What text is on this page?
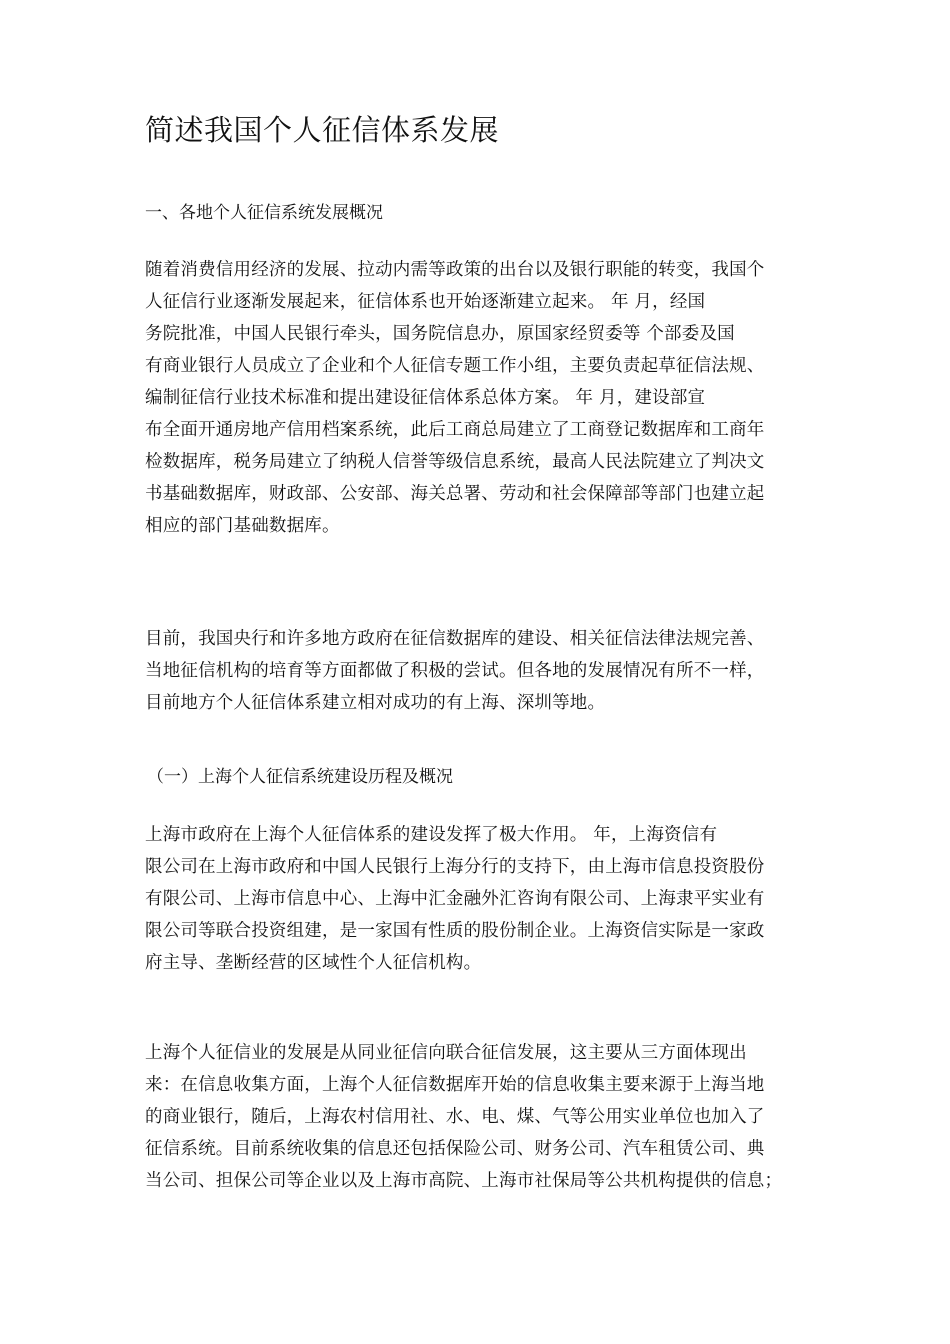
简述我国个人征信体系发展
一、各地个人征信系统发展概况
随着消费信用经济的发展、拉动内需等政策的出台以及银行职能的转变，我国个
人征信行业逐渐发展起来，征信体系也开始逐渐建立起来。 年 月，经国
务院批准，中国人民银行牵头，国务院信息办，原国家经贸委等 个部委及国
有商业银行人员成立了企业和个人征信专题工作小组，主要负责起草征信法规、
编制征信行业技术标准和提出建设征信体系总体方案。 年 月，建设部宣
布全面开通房地产信用档案系统，此后工商总局建立了工商登记数据库和工商年
检数据库，税务局建立了纳税人信誉等级信息系统，最高人民法院建立了判决文
书基础数据库，财政部、公安部、海关总署、劳动和社会保障部等部门也建立起
相应的部门基础数据库。
目前，我国央行和许多地方政府在征信数据库的建设、相关征信法律法规完善、
当地征信机构的培育等方面都做了积极的尝试。但各地的发展情况有所不一样，
目前地方个人征信体系建立相对成功的有上海、深圳等地。
（一）上海个人征信系统建设历程及概况
上海市政府在上海个人征信体系的建设发挥了极大作用。 年，上海资信有
限公司在上海市政府和中国人民银行上海分行的支持下，由上海市信息投资股份
有限公司、上海市信息中心、上海中汇金融外汇咨询有限公司、上海隶平实业有
限公司等联合投资组建，是一家国有性质的股份制企业。上海资信实际是一家政
府主导、垄断经营的区域性个人征信机构。
上海个人征信业的发展是从同业征信向联合征信发展，这主要从三方面体现出
来：在信息收集方面，上海个人征信数据库开始的信息收集主要来源于上海当地
的商业银行，随后，上海农村信用社、水、电、煤、气等公用实业单位也加入了
征信系统。目前系统收集的信息还包括保险公司、财务公司、汽车租赁公司、典
当公司、担保公司等企业以及上海市高院、上海市社保局等公共机构提供的信息；
